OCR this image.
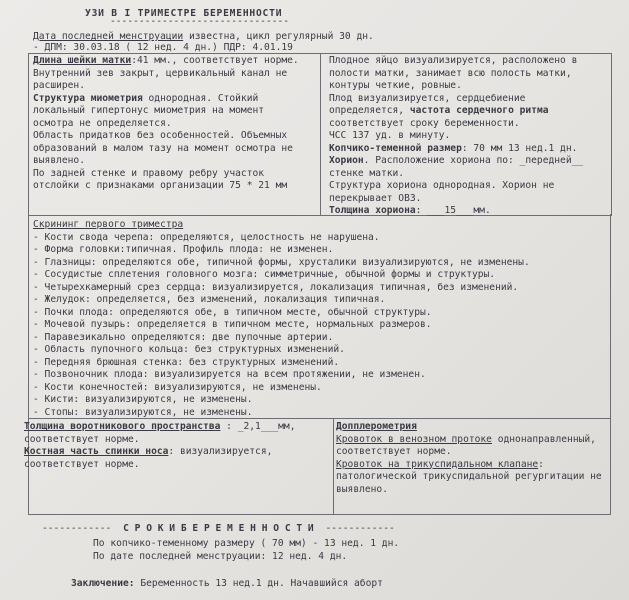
УЗИ В I ТРИМЕСТРЕ БЕРЕМЕННОСТИ
-------------------------------
Дата последней менструации известна, цикл регулярный 30 дн.
- ДПМ: 30.03.18 ( 12 нед. 4 дн.) ПДР: 4.01.19
Длина шейки матки:41 мм., соответствует норме.
Внутренний зев закрыт, цервикальный канал не
расширен.
Структура миометрия однородная. Стойкий
локальный гипертонус миометрия на момент
осмотра не определяется.
Область придатков без особенностей. Объемных
образований в малом тазу на момент осмотра не
выявлено.
По задней стенке и правому ребру участок
отслойки с признаками организации 75 * 21 мм
Плодное яйцо визуализируется, расположено в
полости матки, занимает всю полость матки,
контуры четкие, ровные.
Плод визуализируется, сердцебиение
определяется, частота сердечного ритма
соответствует сроку беременности.
ЧСС 137 уд. в минуту.
Копчико-теменной размер: 70 мм 13 нед.1 дн.
Хорион. Расположение хориона по: _передней__
стенке матки.
Структура хориона однородная. Хорион не
перекрывает ОВЗ.
Толщина хориона: ___15___мм.
Скрининг первого триместра
- Кости свода черепа: определяются, целостность не нарушена.
- Форма головки:типичная. Профиль плода: не изменен.
- Глазницы: определяются обе, типичной формы, хрусталики визуализируются, не изменены.
- Сосудистые сплетения головного мозга: симметричные, обычной формы и структуры.
- Четырехкамерный срез сердца: визуализируется, локализация типичная, без изменений.
- Желудок: определяется, без изменений, локализация типичная.
- Почки плода: определяются обе, в типичном месте, обычной структуры.
- Мочевой пузырь: определяется в типичном месте, нормальных размеров.
- Паравезикально определяются: две пупочные артерии.
- Область пупочного кольца: без структурных изменений.
- Передняя брюшная стенка: без структурных изменений.
- Позвоночник плода: визуализируется на всем протяжении, не изменен.
- Кости конечностей: визуализируются, не изменены.
- Кисти: визуализируются, не изменены.
- Стопы: визуализируются, не изменены.
Толщина воротникового пространства : _2,1___мм,
соответствует норме.
Костная часть спинки носа: визуализируется,
соответствует норме.
Допплерометрия
Кровоток в венозном протоке однонаправленный,
соответствует норме.
Кровоток на трикуспидальном клапане:
патологической трикуспидальной регургитации не
выявлено.
------------ С Р О К И Б Е Р Е М Е Н Н О С Т И ------------
По копчико-теменному размеру ( 70 мм) - 13 нед. 1 дн.
По дате последней менструации: 12 нед. 4 дн.
Заключение: Беременность 13 нед.1 дн. Начавшийся аборт
